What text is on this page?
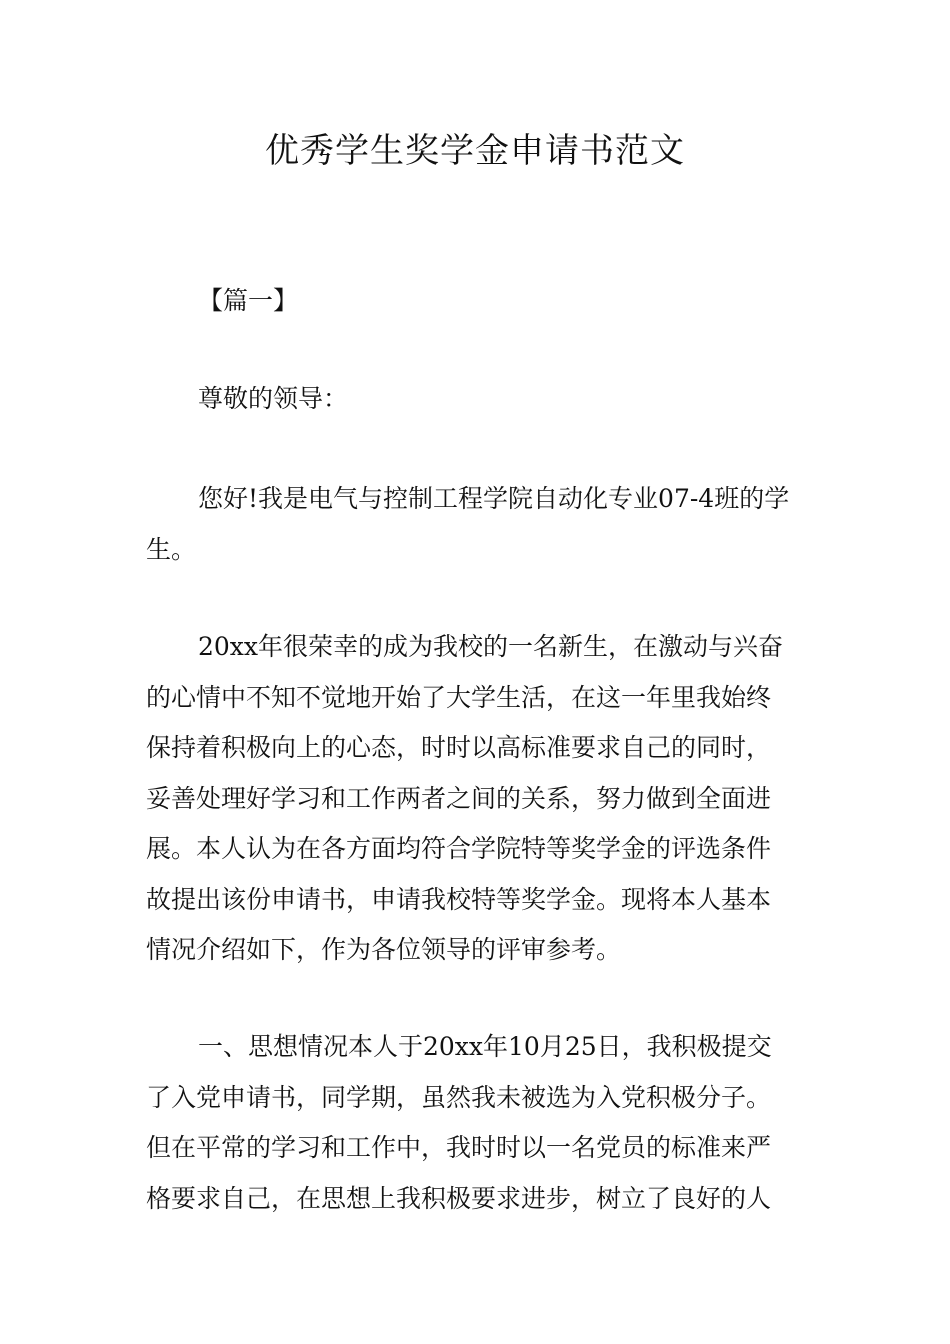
优秀学生奖学金申请书范文

【篇一】

尊敬的领导：

您好!我是电气与控制工程学院自动化专业07-4班的学
生。
20xx年很荣幸的成为我校的一名新生，在激动与兴奋
的心情中不知不觉地开始了大学生活，在这一年里我始终
保持着积极向上的心态，时时以高标准要求自己的同时，
妥善处理好学习和工作两者之间的关系，努力做到全面进
展。本人认为在各方面均符合学院特等奖学金的评选条件
故提出该份申请书，申请我校特等奖学金。现将本人基本
情况介绍如下，作为各位领导的评审参考。
一、思想情况本人于20xx年10月25日，我积极提交
了入党申请书，同学期，虽然我未被选为入党积极分子。
但在平常的学习和工作中，我时时以一名党员的标准来严
格要求自己，在思想上我积极要求进步，树立了良好的人
